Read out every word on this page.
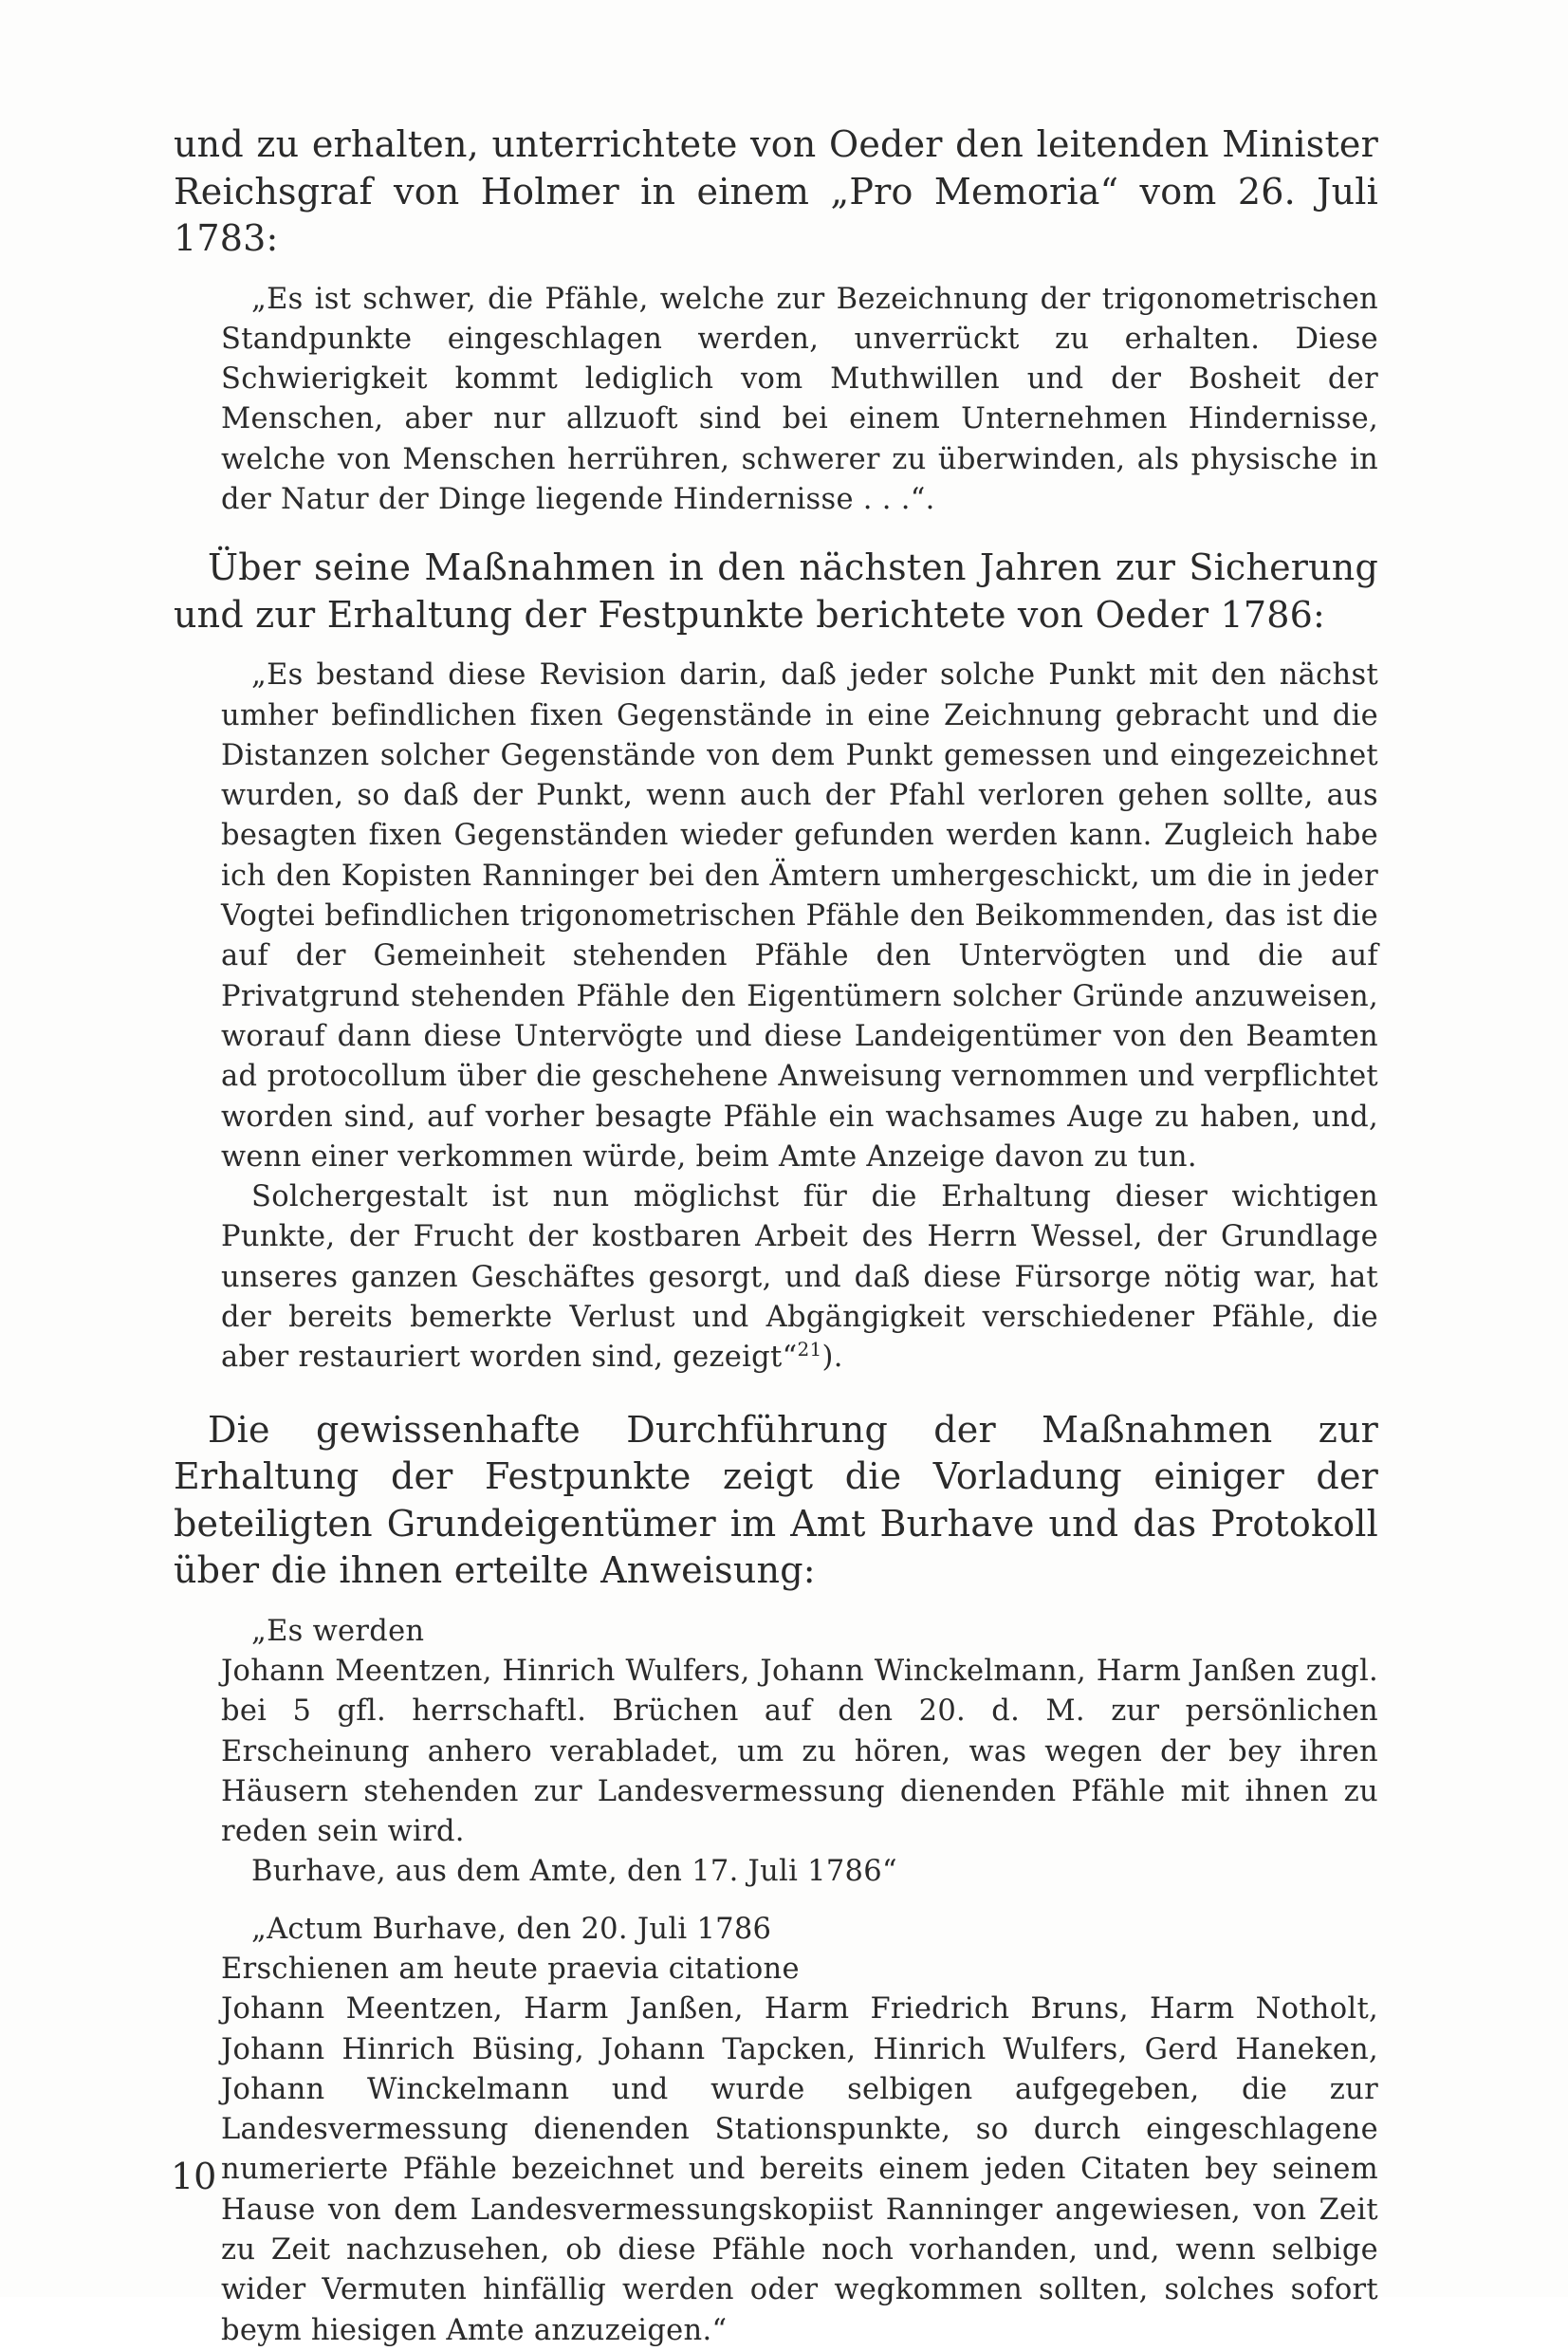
und zu erhalten, unterrichtete von Oeder den leitenden Minister Reichsgraf von Holmer in einem „Pro Memoria“ vom 26. Juli 1783:

„Es ist schwer, die Pfähle, welche zur Bezeichnung der trigonometrischen Standpunkte eingeschlagen werden, unverrückt zu erhalten. Diese Schwierigkeit kommt lediglich vom Muthwillen und der Bosheit der Menschen, aber nur allzuoft sind bei einem Unternehmen Hindernisse, welche von Menschen herrühren, schwerer zu überwinden, als physische in der Natur der Dinge liegende Hindernisse . . .“.

Über seine Maßnahmen in den nächsten Jahren zur Sicherung und zur Erhaltung der Festpunkte berichtete von Oeder 1786:

„Es bestand diese Revision darin, daß jeder solche Punkt mit den nächst umher befindlichen fixen Gegenstände in eine Zeichnung gebracht und die Distanzen solcher Gegenstände von dem Punkt gemessen und eingezeichnet wurden, so daß der Punkt, wenn auch der Pfahl verloren gehen sollte, aus besagten fixen Gegenständen wieder gefunden werden kann. Zugleich habe ich den Kopisten Ranninger bei den Ämtern umhergeschickt, um die in jeder Vogtei befindlichen trigonometrischen Pfähle den Beikommenden, das ist die auf der Gemeinheit stehenden Pfähle den Untervögten und die auf Privatgrund stehenden Pfähle den Eigentümern solcher Gründe anzuweisen, worauf dann diese Untervögte und diese Landeigentümer von den Beamten ad protocollum über die geschehene Anweisung vernommen und verpflichtet worden sind, auf vorher besagte Pfähle ein wachsames Auge zu haben, und, wenn einer verkommen würde, beim Amte Anzeige davon zu tun.

Solchergestalt ist nun möglichst für die Erhaltung dieser wichtigen Punkte, der Frucht der kostbaren Arbeit des Herrn Wessel, der Grundlage unseres ganzen Geschäftes gesorgt, und daß diese Fürsorge nötig war, hat der bereits bemerkte Verlust und Abgängigkeit verschiedener Pfähle, die aber restauriert worden sind, gezeigt“$^{21}$).

Die gewissenhafte Durchführung der Maßnahmen zur Erhaltung der Festpunkte zeigt die Vorladung einiger der beteiligten Grundeigentümer im Amt Burhave und das Protokoll über die ihnen erteilte Anweisung:

„Es werden

Johann Meentzen, Hinrich Wulfers, Johann Winckelmann, Harm Janßen zugl. bei 5 gfl. herrschaftl. Brüchen auf den 20. d. M. zur persönlichen Erscheinung anhero verabladet, um zu hören, was wegen der bey ihren Häusern stehenden zur Landesvermessung dienenden Pfähle mit ihnen zu reden sein wird.

Burhave, aus dem Amte, den 17. Juli 1786“

„Actum Burhave, den 20. Juli 1786

Erschienen am heute praevia citatione

Johann Meentzen, Harm Janßen, Harm Friedrich Bruns, Harm Notholt, Johann Hinrich Büsing, Johann Tapcken, Hinrich Wulfers, Gerd Haneken, Johann Winckelmann und wurde selbigen aufgegeben, die zur Landesvermessung dienenden Stationspunkte, so durch eingeschlagene numerierte Pfähle bezeichnet und bereits einem jeden Citaten bey seinem Hause von dem Landesvermessungskopiist Ranninger angewiesen, von Zeit zu Zeit nachzusehen, ob diese Pfähle noch vorhanden, und, wenn selbige wider Vermuten hinfällig werden oder wegkommen sollten, solches sofort beym hiesigen Amte anzuzeigen.“

10
